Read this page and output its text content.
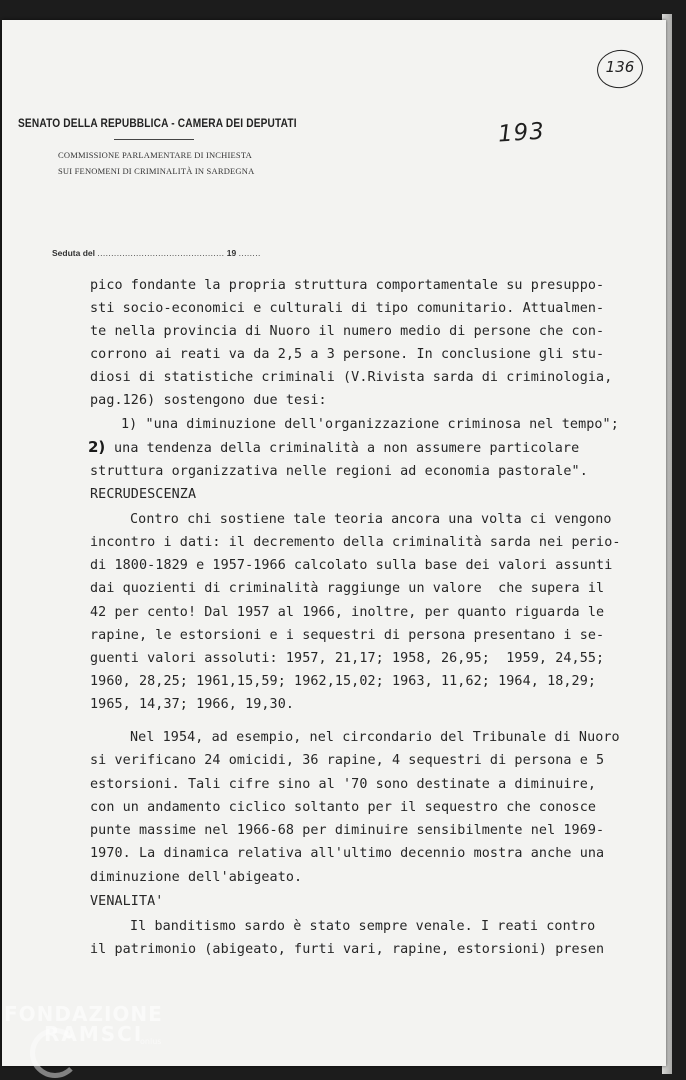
SENATO DELLA REPUBBLICA - CAMERA DEI DEPUTATI
COMMISSIONE PARLAMENTARE DI INCHIESTA
SUI FENOMENI DI CRIMINALITÀ IN SARDEGNA
136
193
Seduta del .............................................. 19 ........
pico fondante la propria struttura comportamentale su presuppo-
sti socio-economici e culturali di tipo comunitario. Attualmen-
te nella provincia di Nuoro il numero medio di persone che con-
corrono ai reati va da 2,5 a 3 persone. In conclusione gli stu-
diosi di statistiche criminali (V.Rivista sarda di criminologia,
pag.126) sostengono due tesi:
1) "una diminuzione dell'organizzazione criminosa nel tempo";
2) una tendenza della criminalità a non assumere particolare
struttura organizzativa nelle regioni ad economia pastorale".
RECRUDESCENZA
Contro chi sostiene tale teoria ancora una volta ci vengono
incontro i dati: il decremento della criminalità sarda nei perio-
di 1800-1829 e 1957-1966 calcolato sulla base dei valori assunti
dai quozienti di criminalità raggiunge un valore  che supera il
42 per cento! Dal 1957 al 1966, inoltre, per quanto riguarda le
rapine, le estorsioni e i sequestri di persona presentano i se-
guenti valori assoluti: 1957, 21,17; 1958, 26,95;  1959, 24,55;
1960, 28,25; 1961,15,59; 1962,15,02; 1963, 11,62; 1964, 18,29;
1965, 14,37; 1966, 19,30.
Nel 1954, ad esempio, nel circondario del Tribunale di Nuoro
si verificano 24 omicidi, 36 rapine, 4 sequestri di persona e 5
estorsioni. Tali cifre sino al '70 sono destinate a diminuire,
con un andamento ciclico soltanto per il sequestro che conosce
punte massime nel 1966-68 per diminuire sensibilmente nel 1969-
1970. La dinamica relativa all'ultimo decennio mostra anche una
diminuzione dell'abigeato.
VENALITA'
Il banditismo sardo è stato sempre venale. I reati contro
il patrimonio (abigeato, furti vari, rapine, estorsioni) presen
FONDAZIONE
RAMSCI
onlus
